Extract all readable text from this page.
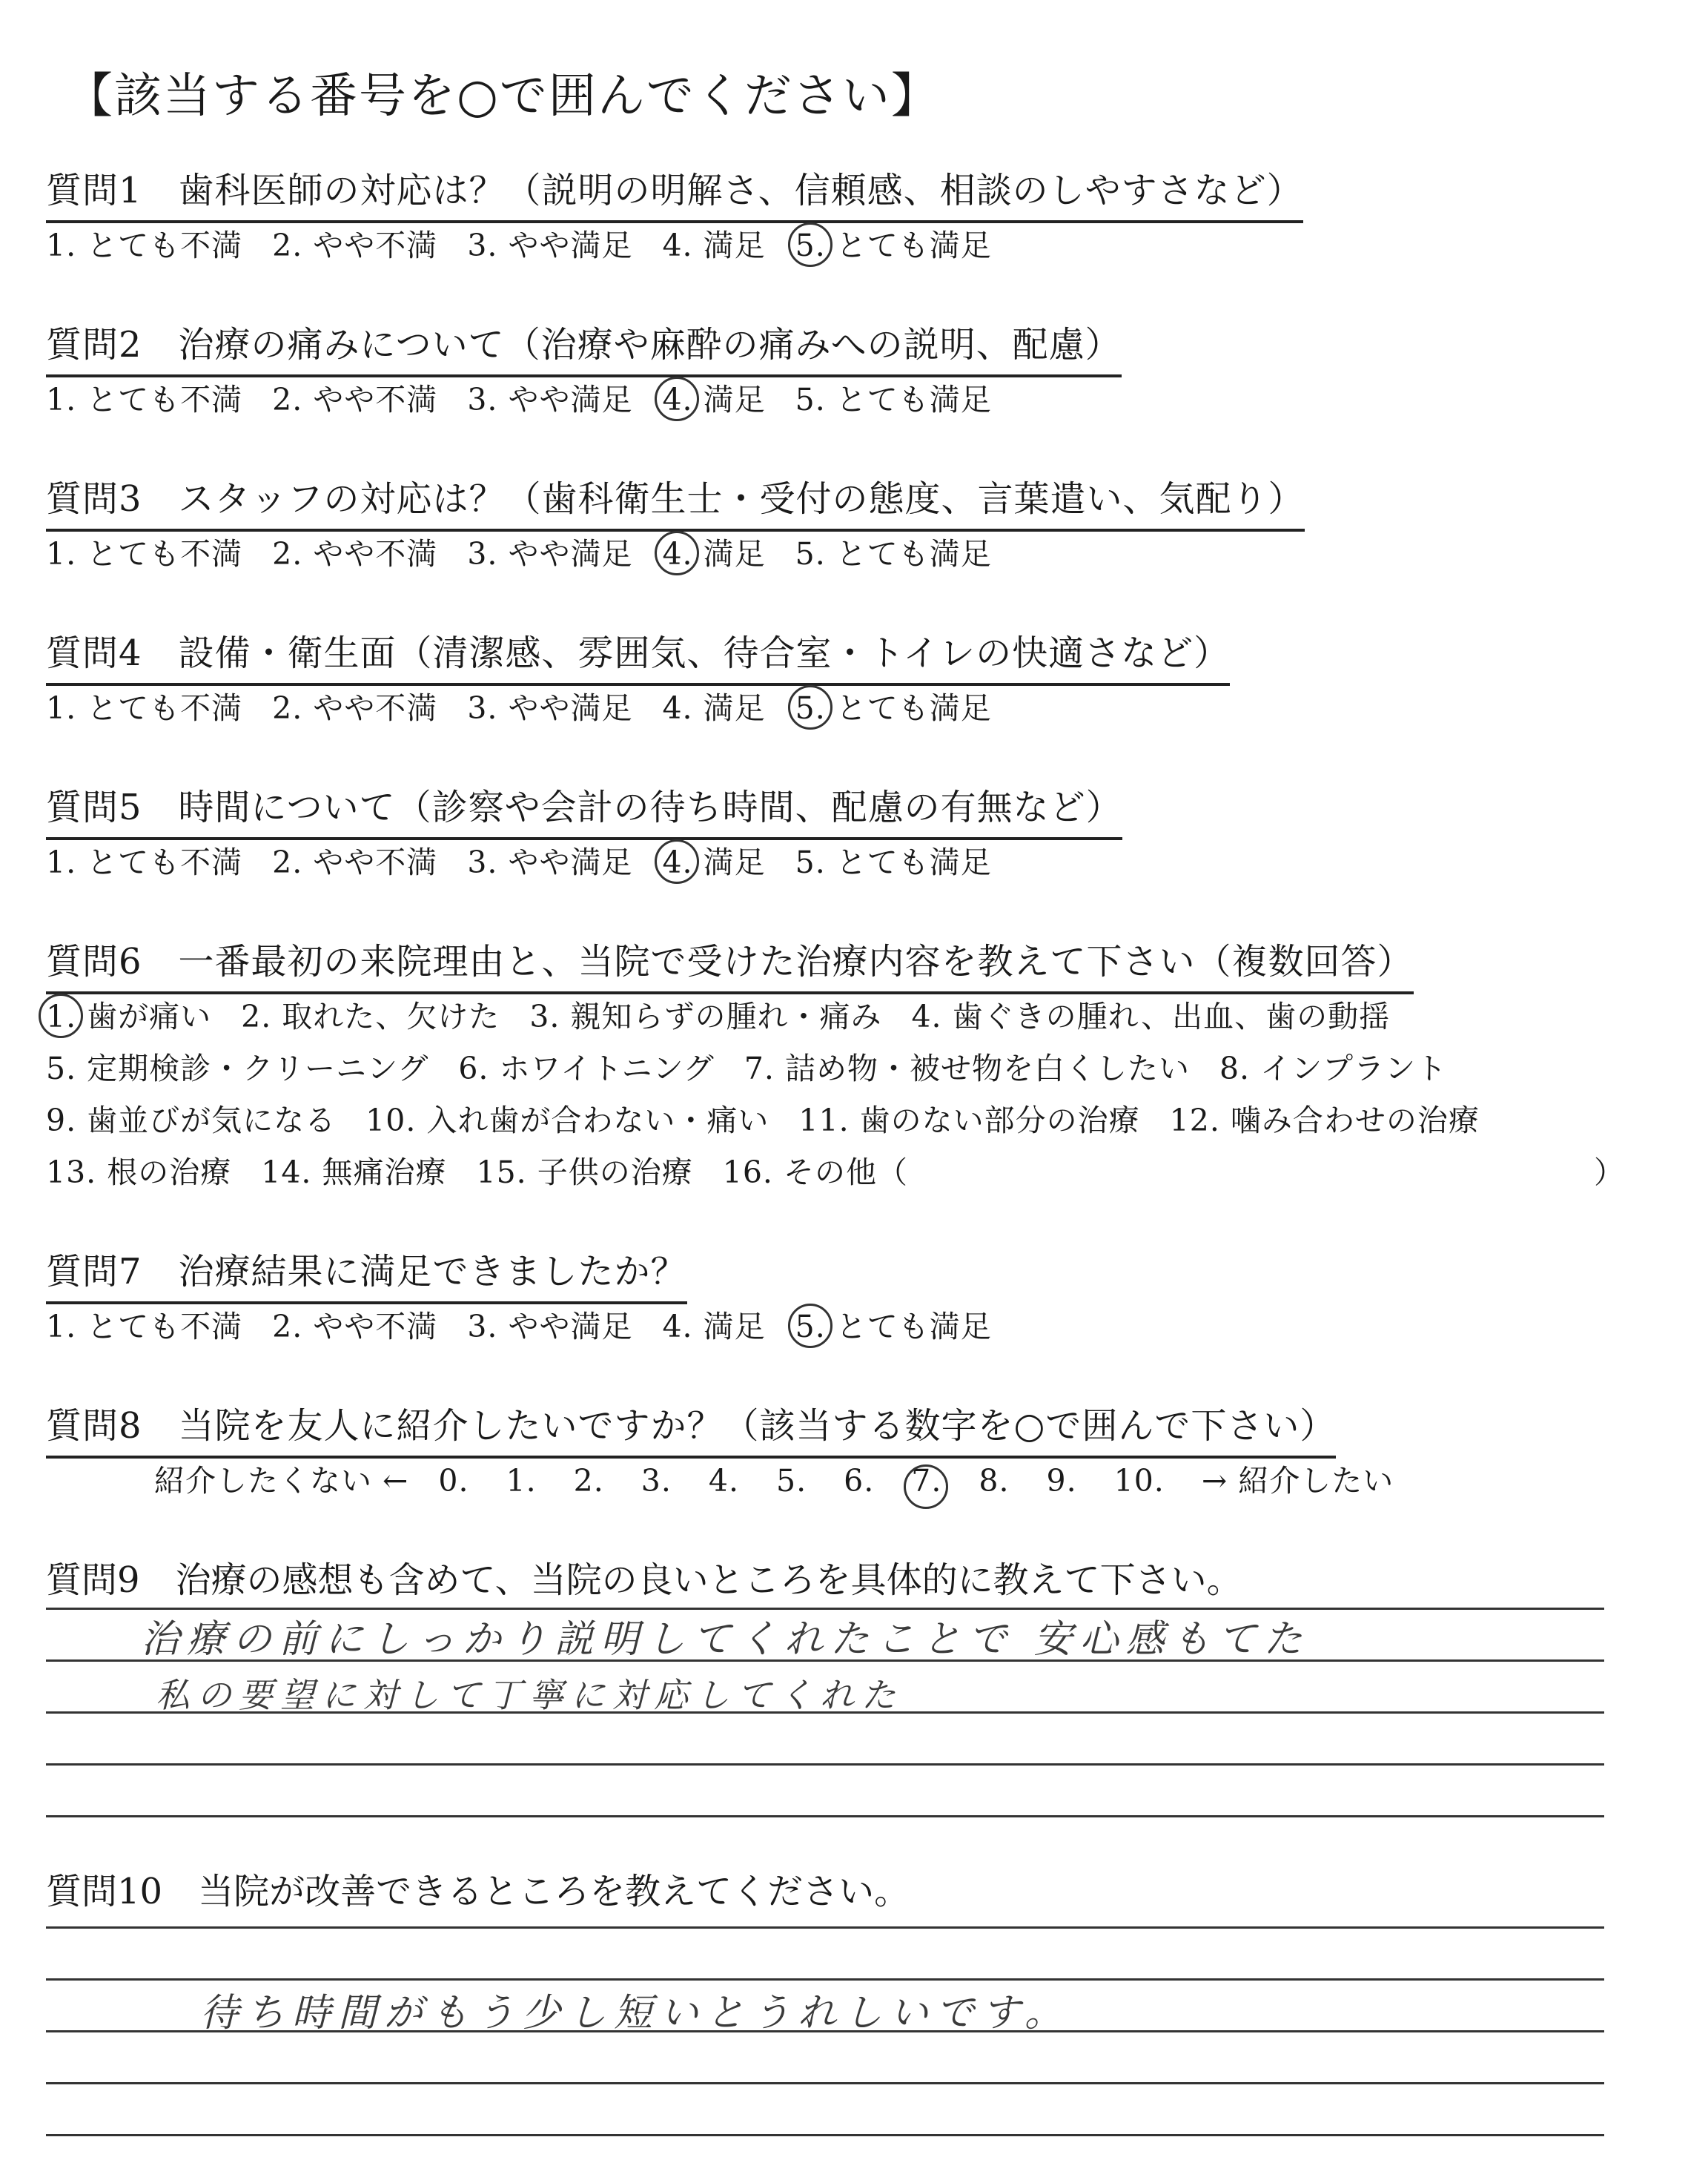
【該当する番号を○で囲んでください】
質問1　歯科医師の対応は？（説明の明解さ、信頼感、相談のしやすさなど）
1. とても不満 2. やや不満 3. やや満足 4. 満足 5. とても満足
質問2　治療の痛みについて（治療や麻酔の痛みへの説明、配慮）
1. とても不満 2. やや不満 3. やや満足 4. 満足 5. とても満足
質問3　スタッフの対応は？（歯科衛生士・受付の態度、言葉遣い、気配り）
1. とても不満 2. やや不満 3. やや満足 4. 満足 5. とても満足
質問4　設備・衛生面（清潔感、雰囲気、待合室・トイレの快適さなど）
1. とても不満 2. やや不満 3. やや満足 4. 満足 5. とても満足
質問5　時間について（診察や会計の待ち時間、配慮の有無など）
1. とても不満 2. やや不満 3. やや満足 4. 満足 5. とても満足
質問6　一番最初の来院理由と、当院で受けた治療内容を教えて下さい（複数回答）
1. 歯が痛い 2. 取れた、欠けた 3. 親知らずの腫れ・痛み 4. 歯ぐきの腫れ、出血、歯の動揺
5. 定期検診・クリーニング 6. ホワイトニング 7. 詰め物・被せ物を白くしたい 8. インプラント
9. 歯並びが気になる 10. 入れ歯が合わない・痛い 11. 歯のない部分の治療 12. 噛み合わせの治療
13. 根の治療 14. 無痛治療 15. 子供の治療 16. その他（	）
質問7　治療結果に満足できましたか？
1. とても不満 2. やや不満 3. やや満足 4. 満足 5. とても満足
質問8　当院を友人に紹介したいですか？（該当する数字を○で囲んで下さい）
紹介したくない ← 0. 1. 2. 3. 4. 5. 6. 7. 8. 9. 10. → 紹介したい
質問9　治療の感想も含めて、当院の良いところを具体的に教えて下さい。
治療の前にしっかり説明してくれたことで 安心感もてた
私の要望に対して丁寧に対応してくれた
質問10　当院が改善できるところを教えてください。
待ち時間がもう少し短いとうれしいです。
